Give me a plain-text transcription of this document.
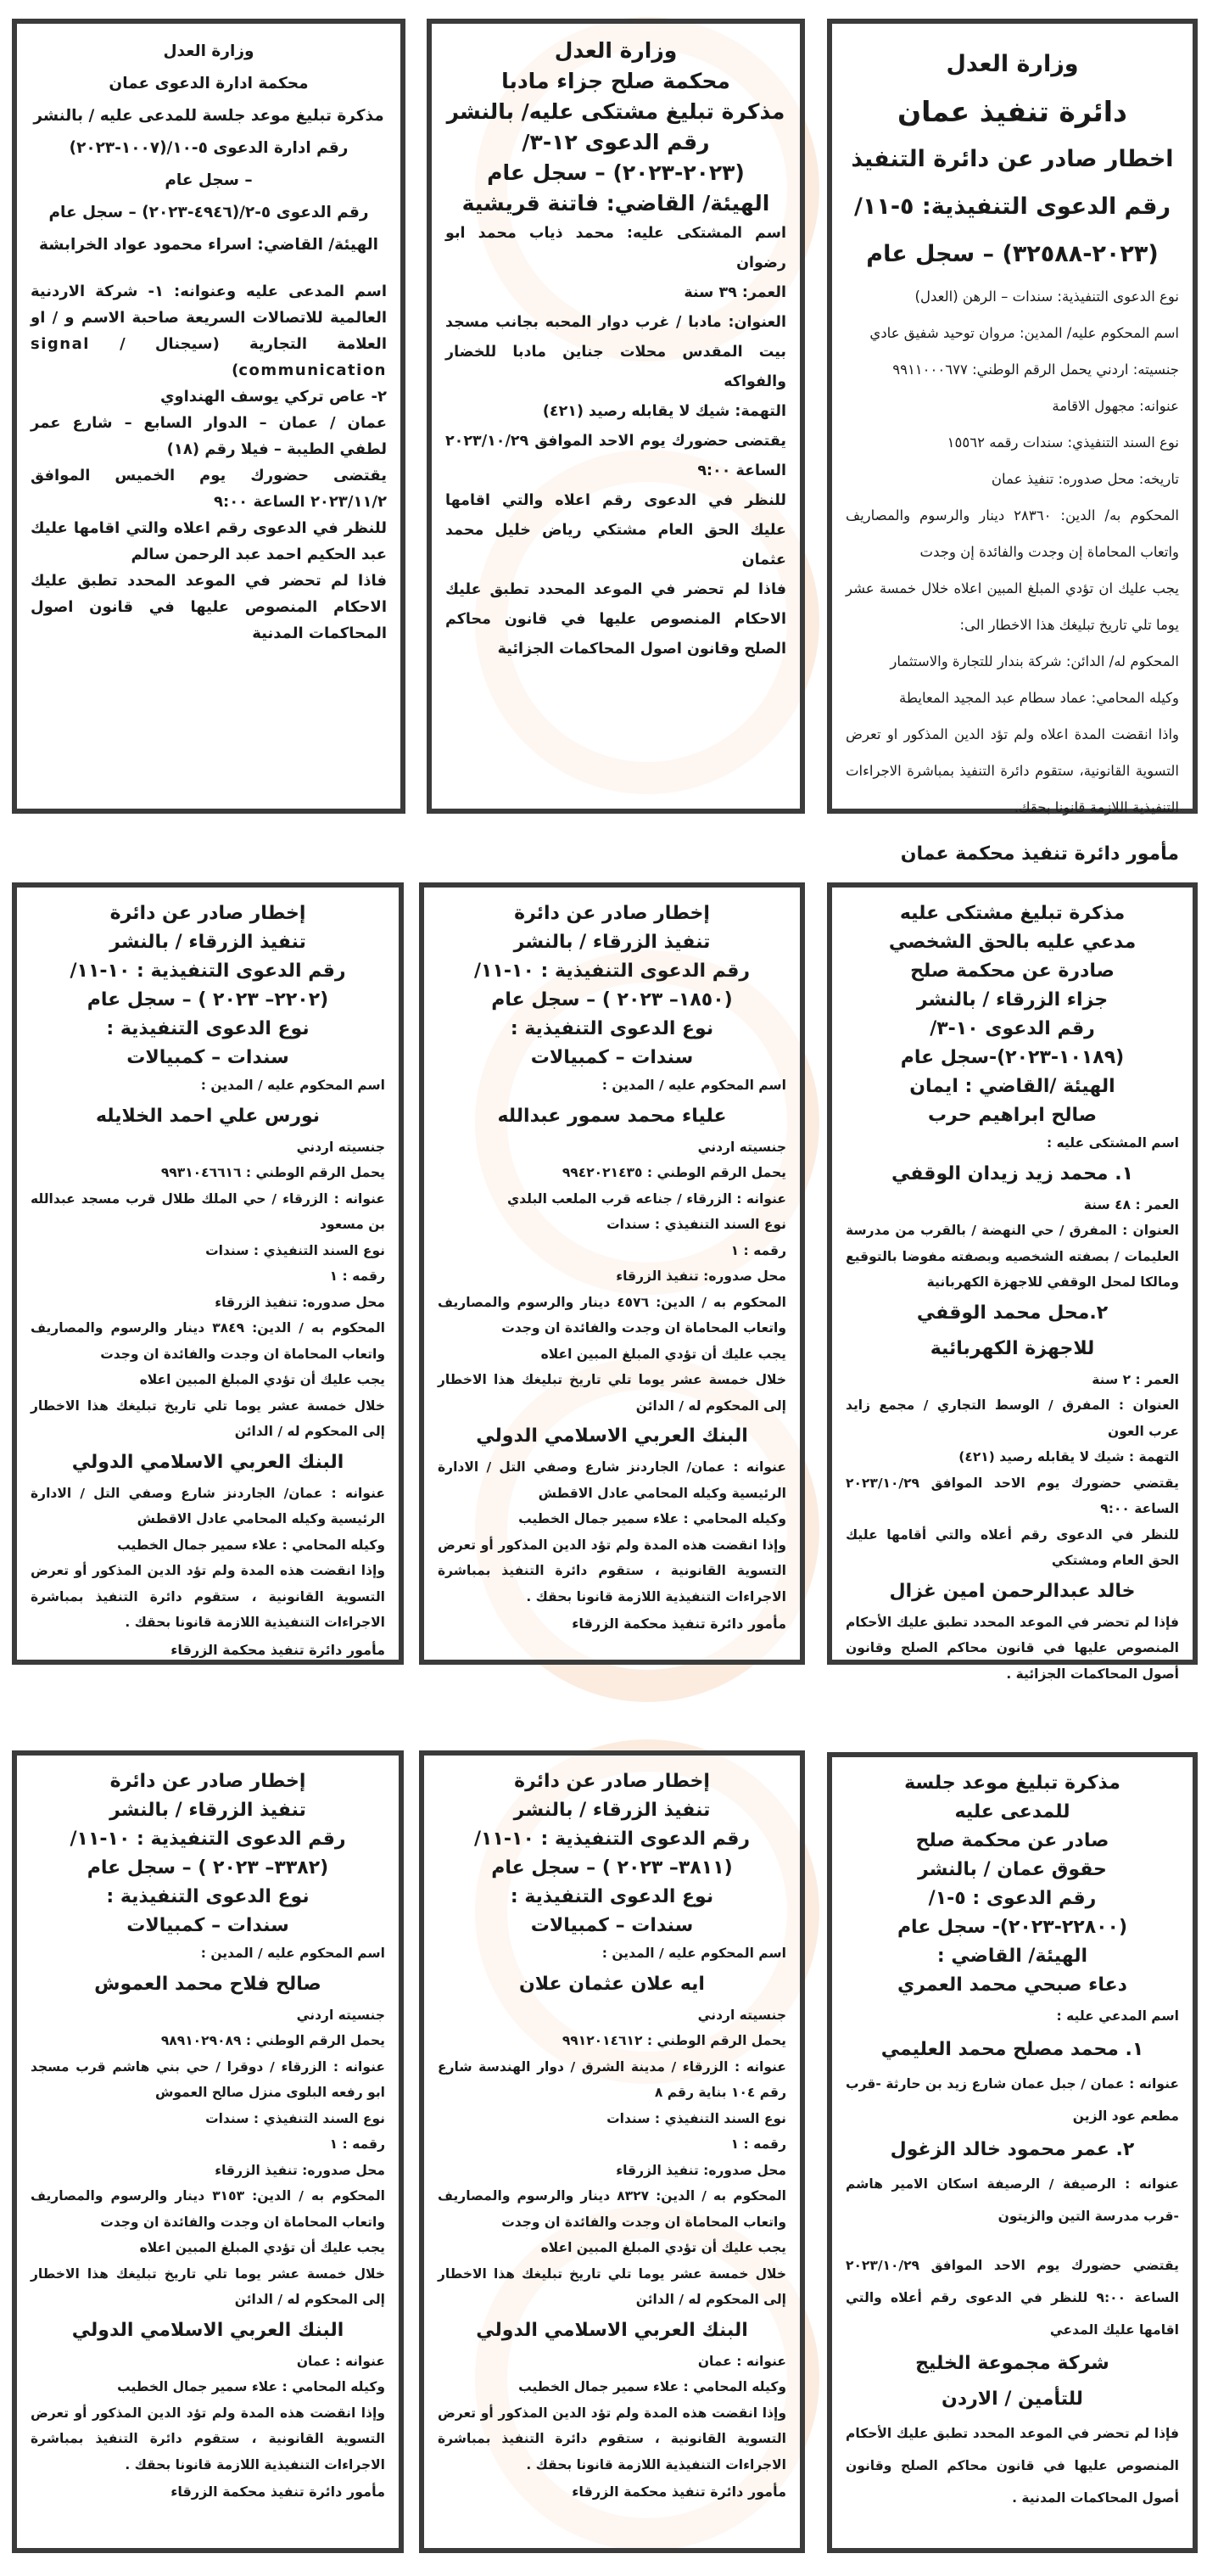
وزارة العدل
دائرة تنفيذ عمان
اخطار صادر عن دائرة التنفيذ
رقم الدعوى التنفيذية: ٥-١١/
(٢٠٢٣-٣٢٥٨٨) – سجل عام
نوع الدعوى التنفيذية: سندات – الرهن (العدل)
اسم المحكوم عليه/ المدين: مروان توحيد شفيق عادي
جنسيته: اردني يحمل الرقم الوطني: ٩٩١١٠٠٠٦٧٧
عنوانه: مجهول الاقامة
نوع السند التنفيذي: سندات رقمه ١٥٥٦٢
تاريخه: محل صدوره: تنفيذ عمان
المحكوم به/ الدين: ٢٨٣٦٠ دينار والرسوم والمصاريف واتعاب المحاماة إن وجدت والفائدة إن وجدت
يجب عليك ان تؤدي المبلغ المبين اعلاه خلال خمسة عشر يوما تلي تاريخ تبليغك هذا الاخطار الى:
المحكوم له/ الدائن: شركة بندار للتجارة والاستثمار
وكيله المحامي: عماد سطام عبد المجيد المعايطة
واذا انقضت المدة اعلاه ولم تؤد الدين المذكور او تعرض التسوية القانونية، ستقوم دائرة التنفيذ بمباشرة الاجراءات التنفيذية اللازمة قانونا بحقك.
مأمور دائرة تنفيذ محكمة عمان
وزارة العدل
محكمة صلح جزاء مادبا
مذكرة تبليغ مشتكى عليه/ بالنشر
رقم الدعوى ١٢-٣/
(٢٠٢٣-٢٠٢٣) – سجل عام
الهيئة/ القاضي: فاتنة قريشية
اسم المشتكى عليه: محمد ذياب محمد ابو رضوان
العمر: ٣٩ سنة
العنوان: مادبا / غرب دوار المحبه بجانب مسجد بيت المقدس محلات جناين مادبا للخضار والفواكه
التهمة: شيك لا يقابله رصيد (٤٢١)
يقتضى حضورك يوم الاحد الموافق ٢٠٢٣/١٠/٢٩ الساعة ٩:٠٠
للنظر في الدعوى رقم اعلاه والتي اقامها عليك الحق العام مشتكي رياض خليل محمد عثمان
فاذا لم تحضر في الموعد المحدد تطبق عليك الاحكام المنصوص عليها في قانون محاكم الصلح وقانون اصول المحاكمات الجزائية
وزارة العدل
محكمة ادارة الدعوى عمان
مذكرة تبليغ موعد جلسة للمدعى عليه / بالنشر
رقم ادارة الدعوى ٥-١٠/(١٠٠٧-٢٠٢٣)
– سجل عام
رقم الدعوى ٥-٢/(٤٩٤٦-٢٠٢٣) – سجل عام
الهيئة/ القاضي: اسراء محمود عواد الخرابشة
اسم المدعى عليه وعنوانه: ١- شركة الاردنية العالمية للاتصالات السريعة صاحبة الاسم و / او العلامة التجارية (سيجنال / signal communication)
٢- عاص تركي يوسف الهنداوي
عمان / عمان – الدوار السابع – شارع عمر لطفي الطيبة – فيلا رقم (١٨)
يقتضى حضورك يوم الخميس الموافق ٢٠٢٣/١١/٢ الساعة ٩:٠٠
للنظر في الدعوى رقم اعلاه والتي اقامها عليك عبد الحكيم احمد عبد الرحمن سالم
فاذا لم تحضر في الموعد المحدد تطبق عليك الاحكام المنصوص عليها في قانون اصول المحاكمات المدنية
مذكرة تبليغ مشتكى عليه
مدعي عليه بالحق الشخصي
صادرة عن محكمة صلح
جزاء الزرقاء / بالنشر
رقم الدعوى ١٠-٣/
(١٠١٨٩-٢٠٢٣)-سجل عام
الهيئة /القاضي : ايمان
صالح ابراهيم حرب
اسم المشتكى عليه :
١. محمد زيد زيدان الوقفي
العمر : ٤٨ سنة
العنوان : المفرق / حي النهضة / بالقرب من مدرسة العليمات / بصفته الشخصيه وبصفته مفوضا بالتوقيع ومالكا لمحل الوقفي للاجهزة الكهربانية
٢.محل محمد الوقفي
للاجهزة الكهربائية
العمر : ٢ سنة
العنوان : المفرق / الوسط التجاري / مجمع زايد عرب العون
التهمة : شيك لا يقابله رصيد (٤٢١)
يقتضي حضورك يوم الاحد الموافق ٢٠٢٣/١٠/٢٩ الساعة ٩:٠٠
للنظر في الدعوى رقم أعلاه والتي أقامها عليك الحق العام ومشتكي
خالد عبدالرحمن امين غزال
فإذا لم تحضر في الموعد المحدد تطبق عليك الأحكام المنصوص عليها في قانون محاكم الصلح وقانون أصول المحاكمات الجزائية .
إخطار صادر عن دائرة
تنفيذ الزرقاء / بالنشر
رقم الدعوى التنفيذية : ١٠-١١/
(١٨٥٠– ٢٠٢٣ ) – سجل عام
نوع الدعوى التنفيذية :
سندات – كمبيالات
اسم المحكوم عليه / المدين :
علياء محمد سمور عبدالله
جنسيته اردني
يحمل الرقم الوطني : ٩٩٤٢٠٢١٤٣٥
عنوانه : الزرقاء / جناعه قرب الملعب البلدي
نوع السند التنفيذي : سندات
رقمه : ١
محل صدوره: تنفيذ الزرقاء
المحكوم به / الدين: ٤٥٧٦ دينار والرسوم والمصاريف واتعاب المحاماة ان وجدت والفائدة ان وجدت
يجب عليك أن تؤدي المبلغ المبين اعلاه
خلال خمسة عشر يوما تلي تاريخ تبليغك هذا الاخطار إلى المحكوم له / الدائن
البنك العربي الاسلامي الدولي
عنوانه : عمان/ الجاردنز شارع وصفي التل / الادارة الرئيسية وكيله المحامي عادل الاقطش
وكيله المحامي : علاء سمير جمال الخطيب
وإذا انقضت هذه المدة ولم تؤد الدين المذكور أو تعرض التسوية القانونية ، ستقوم دائرة التنفيذ بمباشرة الاجراءات التنفيذية اللازمة قانونا بحقك .
مأمور دائرة تنفيذ محكمة الزرقاء
إخطار صادر عن دائرة
تنفيذ الزرقاء / بالنشر
رقم الدعوى التنفيذية : ١٠-١١/
(٢٢٠٢– ٢٠٢٣ ) – سجل عام
نوع الدعوى التنفيذية :
سندات – كمبيالات
اسم المحكوم عليه / المدين :
نورس علي احمد الخلايله
جنسيته اردني
يحمل الرقم الوطني : ٩٩٣١٠٤٦٦١٦
عنوانه : الزرقاء / حي الملك طلال قرب مسجد عبدالله بن مسعود
نوع السند التنفيذي : سندات
رقمه : ١
محل صدوره: تنفيذ الزرقاء
المحكوم به / الدين: ٣٨٤٩ دينار والرسوم والمصاريف واتعاب المحاماة ان وجدت والفائدة ان وجدت
يجب عليك أن تؤدي المبلغ المبين اعلاه
خلال خمسة عشر يوما تلي تاريخ تبليغك هذا الاخطار إلى المحكوم له / الدائن
البنك العربي الاسلامي الدولي
عنوانه : عمان/ الجاردنز شارع وصفي التل / الادارة الرئيسية وكيله المحامي عادل الاقطش
وكيله المحامي : علاء سمير جمال الخطيب
وإذا انقضت هذه المدة ولم تؤد الدين المذكور أو تعرض التسوية القانونية ، ستقوم دائرة التنفيذ بمباشرة الاجراءات التنفيذية اللازمة قانونا بحقك .
مأمور دائرة تنفيذ محكمة الزرقاء
مذكرة تبليغ موعد جلسة
للمدعى عليه
صادر عن محكمة صلح
حقوق عمان / بالنشر
رقم الدعوى : ٥-١/
(٢٢٨٠٠-٢٠٢٣)- سجل عام
الهيئة/ القاضي :
دعاء صبحي محمد العمري
اسم المدعي عليه :
١. محمد مصلح محمد العليمي
عنوانه : عمان / جبل عمان شارع زيد بن حارثة -قرب مطعم عود الزين
٢. عمر محمود خالد الزغول
عنوانه : الرصيفة / الرصيفة اسكان الامير هاشم -قرب مدرسة التين والزيتون
يقتضي حضورك يوم الاحد الموافق ٢٠٢٣/١٠/٢٩ الساعة ٩:٠٠ للنظر في الدعوى رقم أعلاه والتي اقامها عليك المدعي
شركة مجموعة الخليج
للتأمين / الاردن
فإذا لم تحضر في الموعد المحدد تطبق عليك الأحكام المنصوص عليها في قانون محاكم الصلح وقانون أصول المحاكمات المدنية .
إخطار صادر عن دائرة
تنفيذ الزرقاء / بالنشر
رقم الدعوى التنفيذية : ١٠-١١/
(٣٨١١– ٢٠٢٣ ) – سجل عام
نوع الدعوى التنفيذية :
سندات – كمبيالات
اسم المحكوم عليه / المدين :
ايه علان عثمان علان
جنسيته اردني
يحمل الرقم الوطني : ٩٩١٢٠١٤٦١٢
عنوانه : الزرقاء / مدينة الشرق / دوار الهندسة شارع رقم ١٠٤ بناية رقم ٨
نوع السند التنفيذي : سندات
رقمه : ١
محل صدوره: تنفيذ الزرقاء
المحكوم به / الدين: ٨٣٢٧ دينار والرسوم والمصاريف واتعاب المحاماة ان وجدت والفائدة ان وجدت
يجب عليك أن تؤدي المبلغ المبين اعلاه
خلال خمسة عشر يوما تلي تاريخ تبليغك هذا الاخطار إلى المحكوم له / الدائن
البنك العربي الاسلامي الدولي
عنوانه : عمان
وكيله المحامي : علاء سمير جمال الخطيب
وإذا انقضت هذه المدة ولم تؤد الدين المذكور أو تعرض التسوية القانونية ، ستقوم دائرة التنفيذ بمباشرة الاجراءات التنفيذية اللازمة قانونا بحقك .
مأمور دائرة تنفيذ محكمة الزرقاء
إخطار صادر عن دائرة
تنفيذ الزرقاء / بالنشر
رقم الدعوى التنفيذية : ١٠-١١/
(٣٣٨٢– ٢٠٢٣ ) – سجل عام
نوع الدعوى التنفيذية :
سندات – كمبيالات
اسم المحكوم عليه / المدين :
صالح فلاح محمد العموش
جنسيته اردني
يحمل الرقم الوطني : ٩٨٩١٠٢٩٠٨٩
عنوانه : الزرقاء / دوقرا / حي بني هاشم قرب مسجد ابو رفعه البلوى منزل صالح العموش
نوع السند التنفيذي : سندات
رقمه : ١
محل صدوره: تنفيذ الزرقاء
المحكوم به / الدين: ٣١٥٣ دينار والرسوم والمصاريف واتعاب المحاماة ان وجدت والفائدة ان وجدت
يجب عليك أن تؤدي المبلغ المبين اعلاه
خلال خمسة عشر يوما تلي تاريخ تبليغك هذا الاخطار إلى المحكوم له / الدائن
البنك العربي الاسلامي الدولي
عنوانه : عمان
وكيله المحامي : علاء سمير جمال الخطيب
وإذا انقضت هذه المدة ولم تؤد الدين المذكور أو تعرض التسوية القانونية ، ستقوم دائرة التنفيذ بمباشرة الاجراءات التنفيذية اللازمة قانونا بحقك .
مأمور دائرة تنفيذ محكمة الزرقاء
